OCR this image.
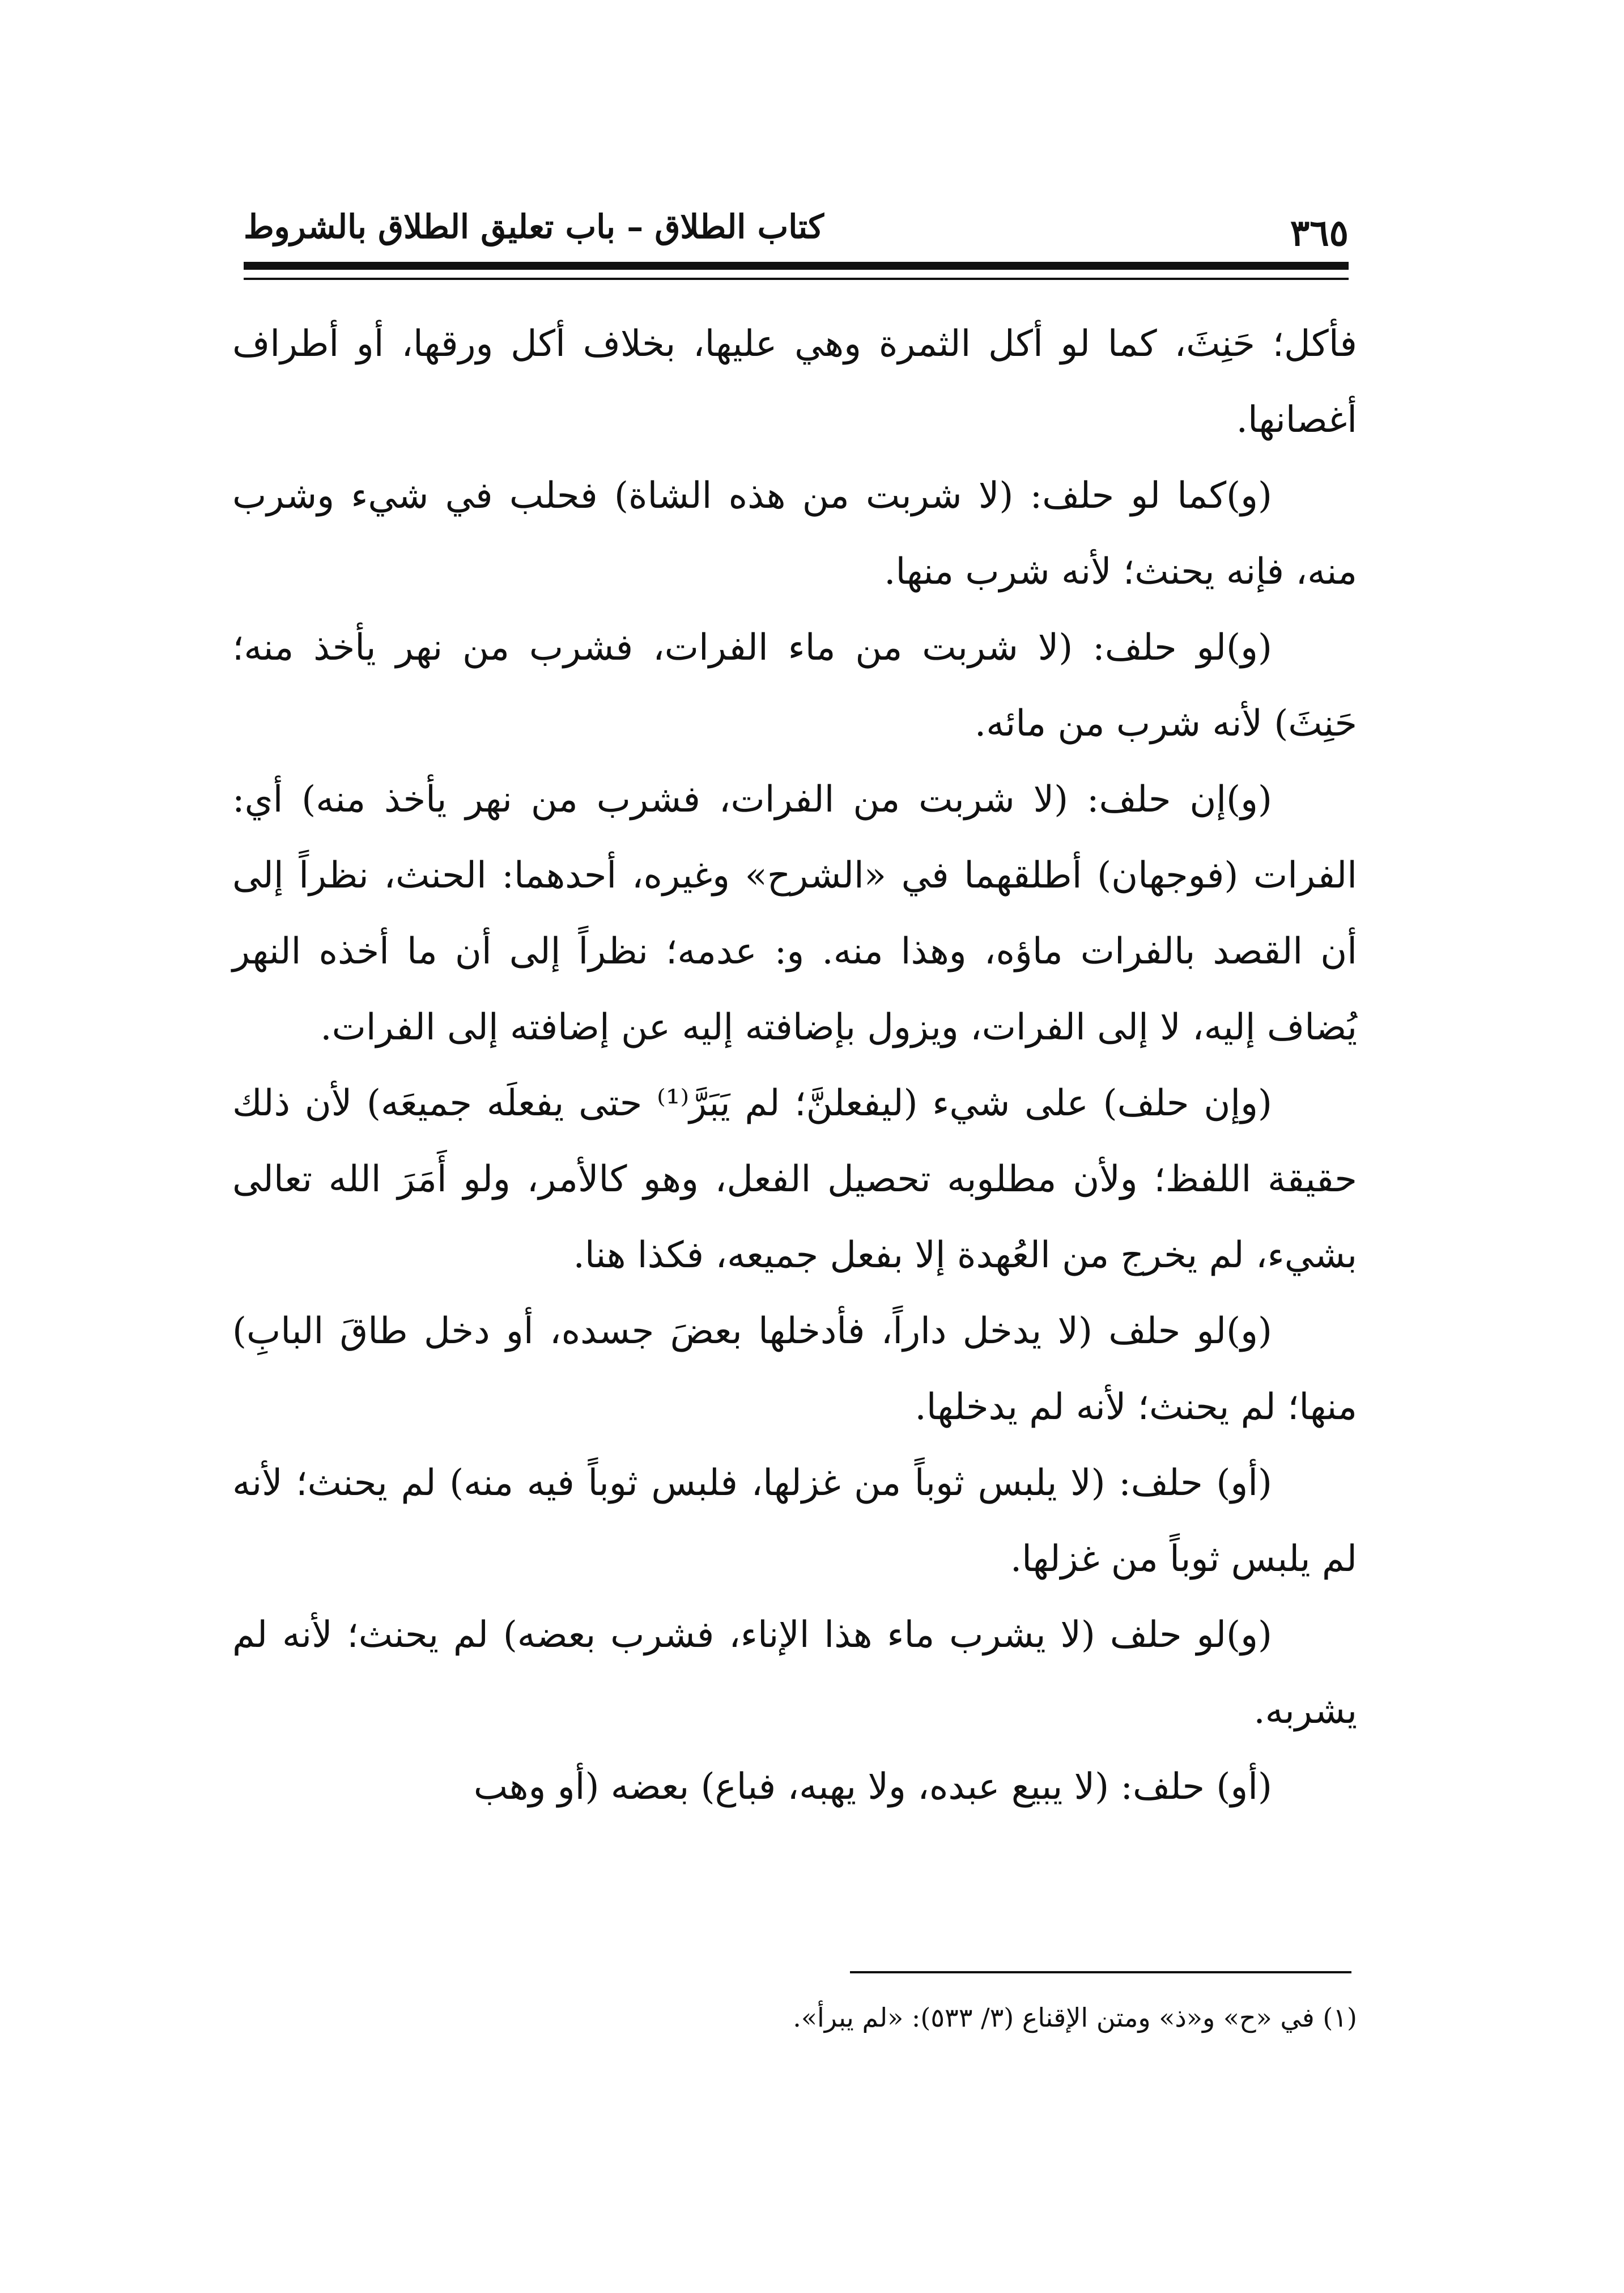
كتاب الطلاق – باب تعليق الطلاق بالشروط	٣٦٥

فأكل؛ حَنِثَ، كما لو أكل الثمرة وهي عليها، بخلاف أكل ورقها، أو أطراف أغصانها.

(و)كما لو حلف: (لا شربت من هذه الشاة) فحلب في شيء وشرب منه، فإنه يحنث؛ لأنه شرب منها.

(و)لو حلف: (لا شربت من ماء الفرات، فشرب من نهر يأخذ منه؛ حَنِثَ) لأنه شرب من مائه.

(و)إن حلف: (لا شربت من الفرات، فشرب من نهر يأخذ منه) أي: الفرات (فوجهان) أطلقهما في «الشرح» وغيره، أحدهما: الحنث، نظراً إلى أن القصد بالفرات ماؤه، وهذا منه. و: عدمه؛ نظراً إلى أن ما أخذه النهر يُضاف إليه، لا إلى الفرات، ويزول بإضافته إليه عن إضافته إلى الفرات.

(وإن حلف) على شيء (ليفعلنَّ؛ لم يَبَرَّ⁽¹⁾ حتى يفعلَه جميعَه) لأن ذلك حقيقة اللفظ؛ ولأن مطلوبه تحصيل الفعل، وهو كالأمر، ولو أَمَرَ الله تعالى بشيء، لم يخرج من العُهدة إلا بفعل جميعه، فكذا هنا.

(و)لو حلف (لا يدخل داراً، فأدخلها بعضَ جسده، أو دخل طاقَ البابِ) منها؛ لم يحنث؛ لأنه لم يدخلها.

(أو) حلف: (لا يلبس ثوباً من غزلها، فلبس ثوباً فيه منه) لم يحنث؛ لأنه لم يلبس ثوباً من غزلها.

(و)لو حلف (لا يشرب ماء هذا الإناء، فشرب بعضه) لم يحنث؛ لأنه لم يشربه.

(أو) حلف: (لا يبيع عبده، ولا يهبه، فباع) بعضه (أو وهب

(١) في «ح» و«ذ» ومتن الإقناع (٣/ ٥٣٣): «لم يبرأ».
